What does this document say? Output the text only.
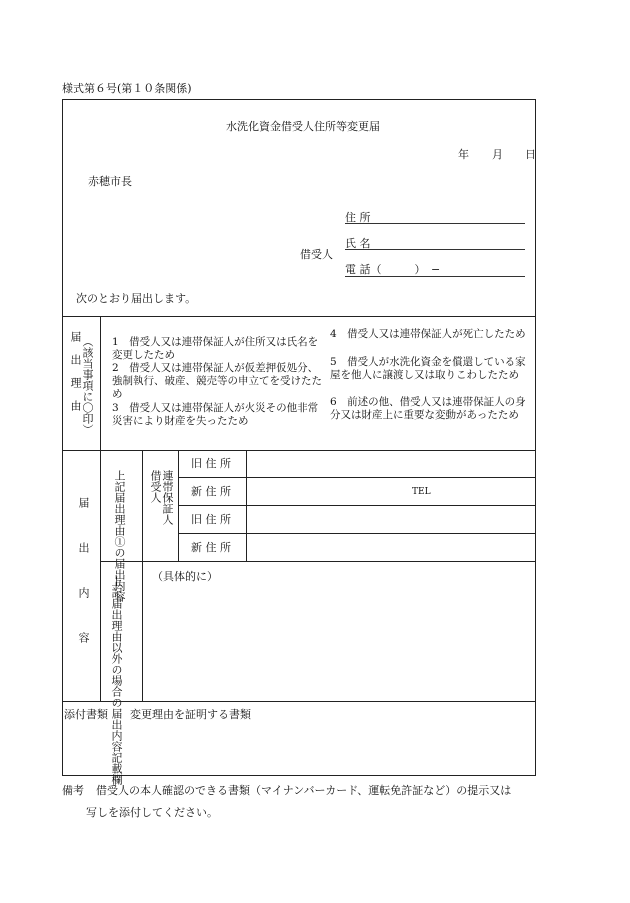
様式第６号(第１０条関係)
水洗化資金借受人住所等変更届
年 月 日
赤穂市長
借受人
住 所
氏 名
電 話（　　　）　−
次のとおり届出します。
届出理由 （該当事項に〇印） 1　借受人又は連帯保証人が住所又は氏名を変更したため
2　借受人又は連帯保証人が仮差押仮処分、強制執行、破産、競売等の申立てを受けたため
3　借受人又は連帯保証人が火災その他非常災害により財産を失ったため
4　借受人又は連帯保証人が死亡したため
5　借受人が水洗化資金を償還している家屋を他人に譲渡し又は取りこわしたため
6　前述の他、借受人又は連帯保証人の身分又は財産上に重要な変動があったため
届出内容 上記届出理由①の届出内容 借受人 連帯保証人
旧 住 所
新 住 所	TEL
旧 住 所
新 住 所
上記届出理由以外の場合の届出内容記載欄	（具体的に）
添付書類 変更理由を証明する書類
備考 借受人の本人確認のできる書類（マイナンバーカード、運転免許証など）の提示又は
写しを添付してください。
